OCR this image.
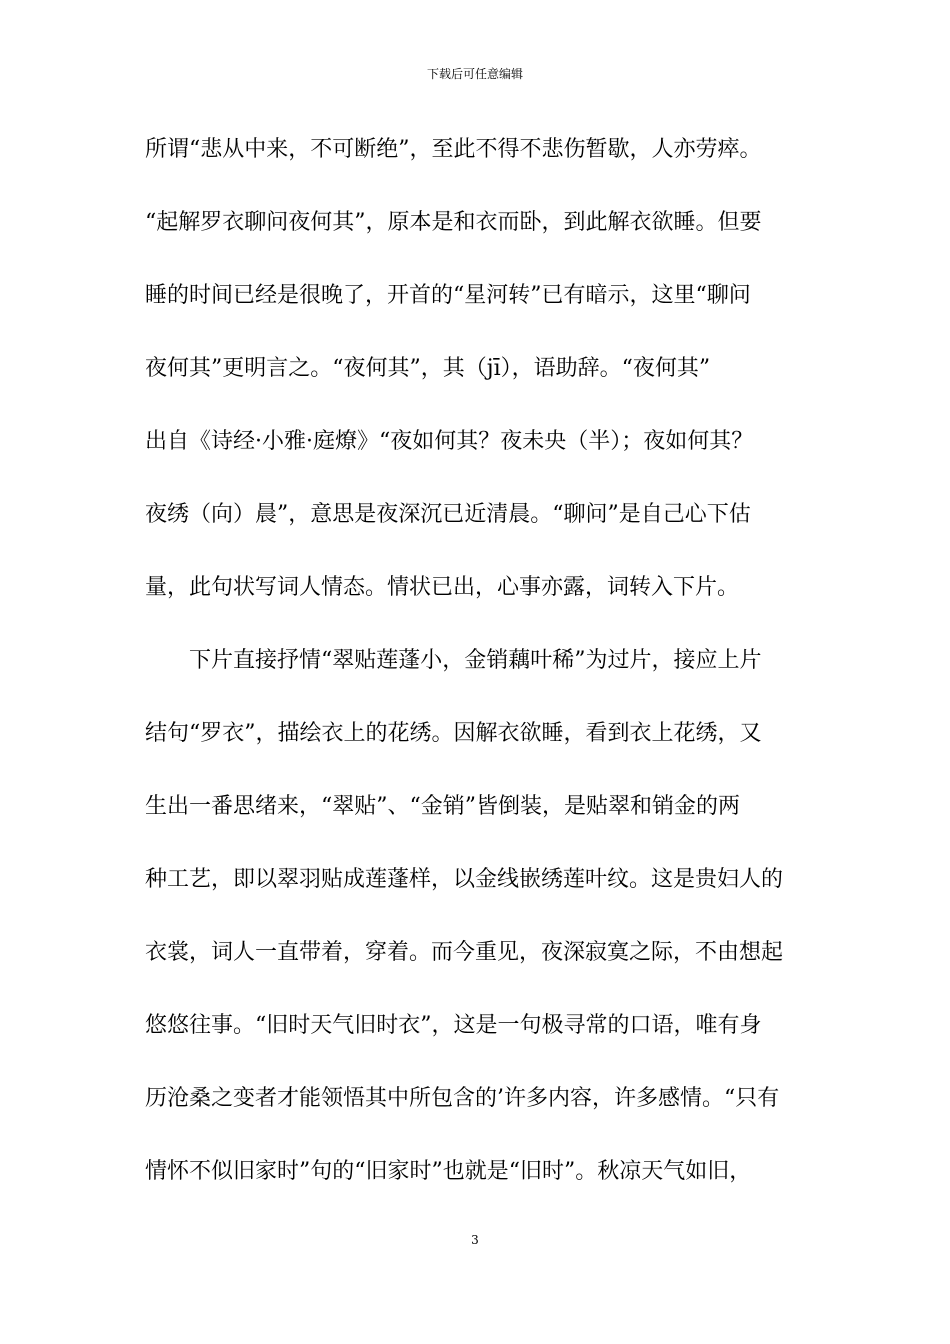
下载后可任意编辑
所谓“悲从中来，不可断绝”，至此不得不悲伤暂歇，人亦劳瘁。
“起解罗衣聊问夜何其”，原本是和衣而卧，到此解衣欲睡。但要
睡的时间已经是很晚了，开首的“星河转”已有暗示，这里“聊问
夜何其”更明言之。“夜何其”，其（jī），语助辞。“夜何其”
出自《诗经·小雅·庭燎》“夜如何其？夜未央（半）；夜如何其？
夜绣（向）晨”，意思是夜深沉已近清晨。“聊问”是自己心下估
量，此句状写词人情态。情状已出，心事亦露，词转入下片。
下片直接抒情“翠贴莲蓬小，金销藕叶稀”为过片，接应上片
结句“罗衣”，描绘衣上的花绣。因解衣欲睡，看到衣上花绣，又
生出一番思绪来，“翠贴”、“金销”皆倒装，是贴翠和销金的两
种工艺，即以翠羽贴成莲蓬样，以金线嵌绣莲叶纹。这是贵妇人的
衣裳，词人一直带着，穿着。而今重见，夜深寂寞之际，不由想起
悠悠往事。“旧时天气旧时衣”，这是一句极寻常的口语，唯有身
历沧桑之变者才能领悟其中所包含的’许多内容，许多感情。“只有
情怀不似旧家时”句的“旧家时”也就是“旧时”。秋凉天气如旧，
3
